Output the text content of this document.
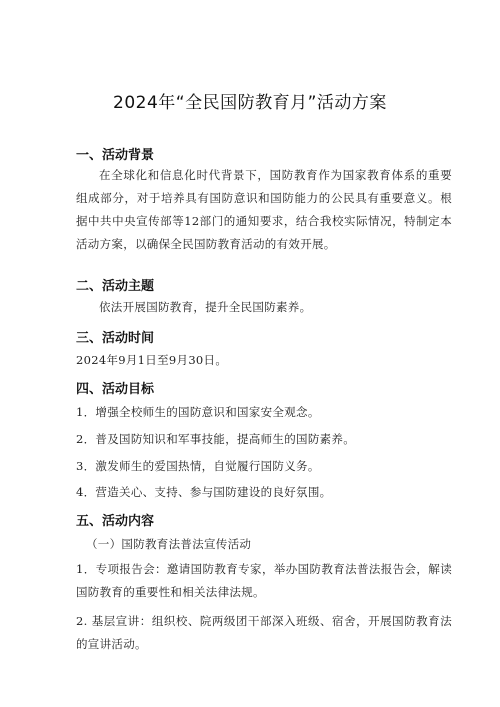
2024年“全民国防教育月”活动方案
一、活动背景
在全球化和信息化时代背景下，国防教育作为国家教育体系的重要组成部分，对于培养具有国防意识和国防能力的公民具有重要意义。根据中共中央宣传部等12部门的通知要求，结合我校实际情况，特制定本活动方案，以确保全民国防教育活动的有效开展。
二、活动主题
依法开展国防教育，提升全民国防素养。
三、活动时间
2024年9月1日至9月30日。
四、活动目标
1．增强全校师生的国防意识和国家安全观念。
2．普及国防知识和军事技能，提高师生的国防素养。
3．激发师生的爱国热情，自觉履行国防义务。
4．营造关心、支持、参与国防建设的良好氛围。
五、活动内容
（一）国防教育法普法宣传活动
1．专项报告会：邀请国防教育专家，举办国防教育法普法报告会，解读国防教育的重要性和相关法律法规。
2. 基层宣讲：组织校、院两级团干部深入班级、宿舍，开展国防教育法的宣讲活动。
